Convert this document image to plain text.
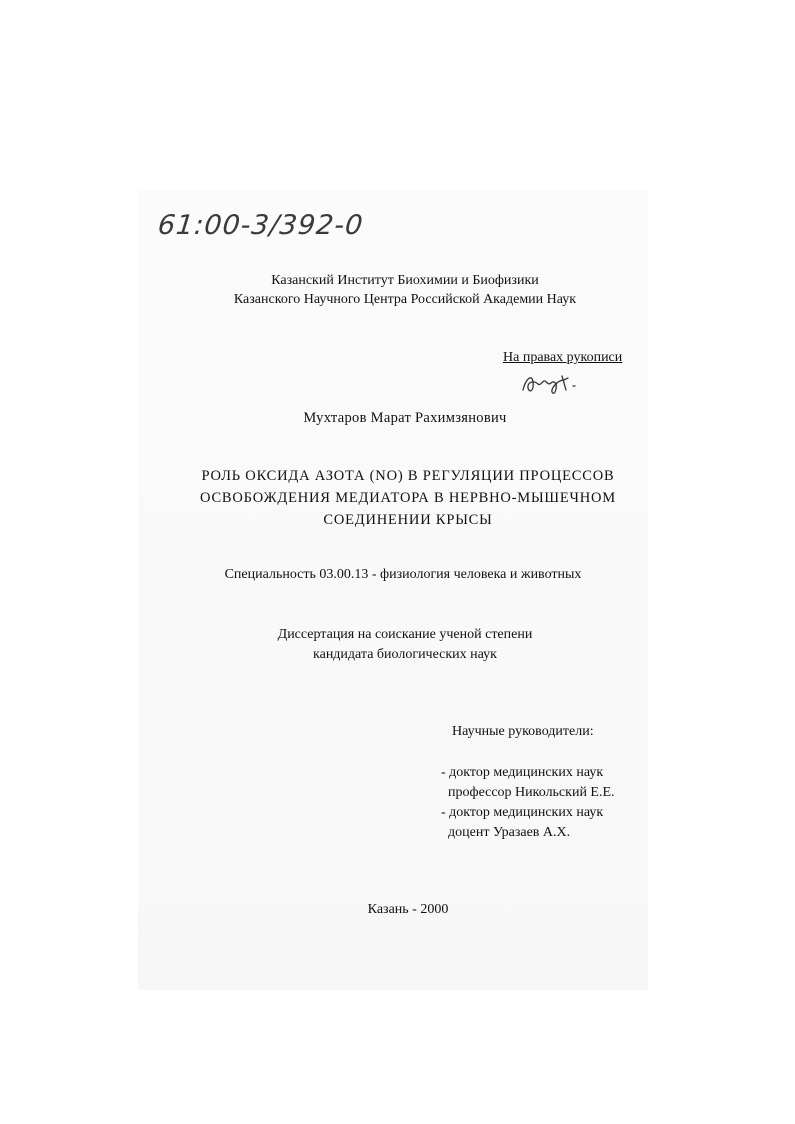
61:00-3/392-0
Казанский Институт Биохимии и Биофизики
Казанского Научного Центра Российской Академии Наук
На правах рукописи
Мухтаров Марат Рахимзянович
РОЛЬ ОКСИДА АЗОТА (NO) В РЕГУЛЯЦИИ ПРОЦЕССОВ
ОСВОБОЖДЕНИЯ МЕДИАТОРА В НЕРВНО-МЫШЕЧНОМ
СОЕДИНЕНИИ КРЫСЫ
Специальность 03.00.13 - физиология человека и животных
Диссертация на соискание ученой степени
кандидата биологических наук
Научные руководители:
- доктор медицинских наук
профессор Никольский Е.Е.
- доктор медицинских наук
доцент Уразаев А.Х.
Казань - 2000
